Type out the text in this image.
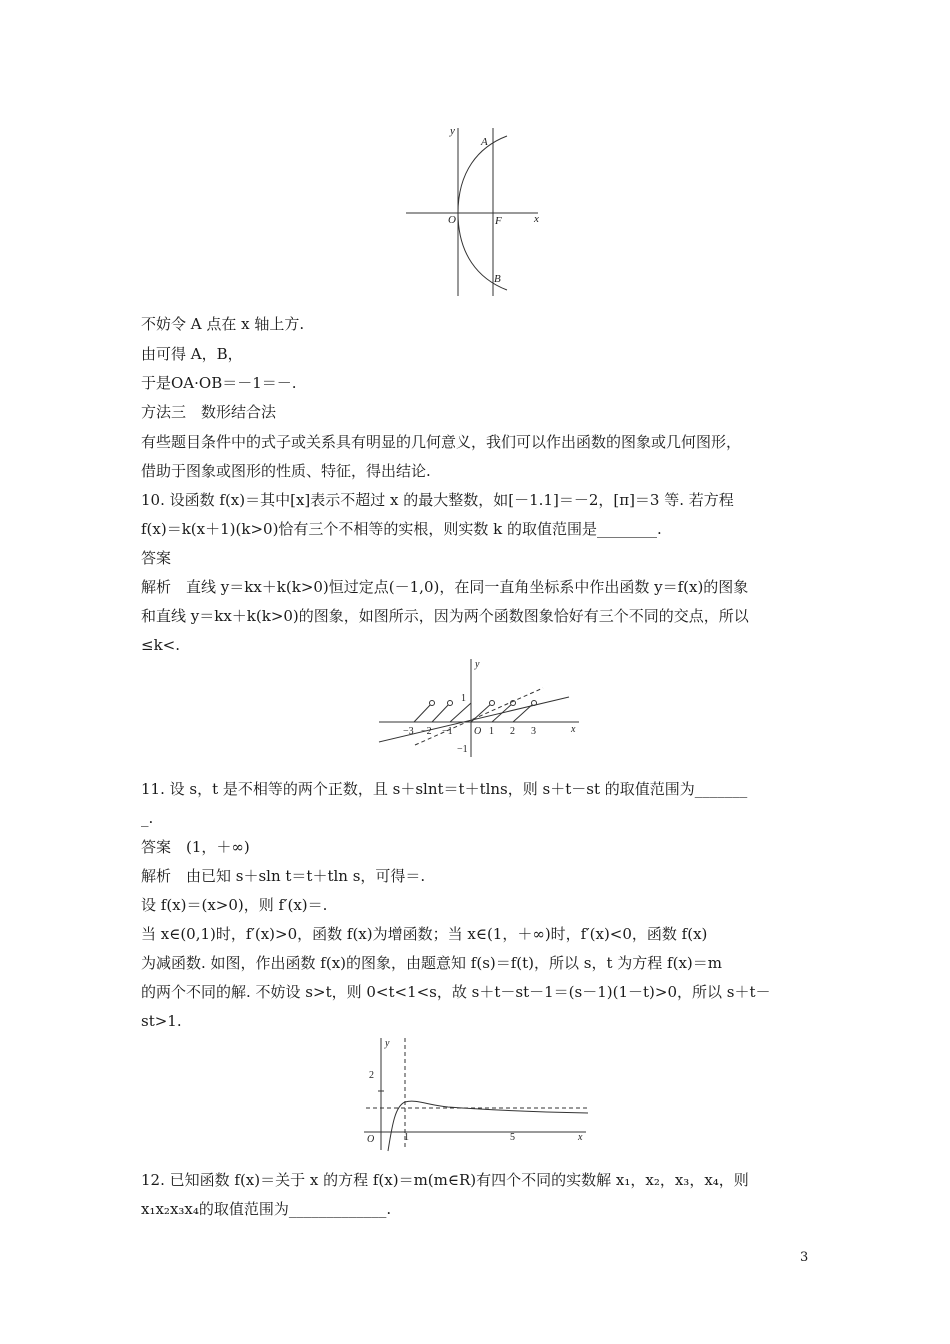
y
A
O	F	x
B
不妨令 A 点在 x 轴上方.
由可得 A，B，
于是OA·OB＝－1＝－.
方法三　数形结合法
有些题目条件中的式子或关系具有明显的几何意义，我们可以作出函数的图象或几何图形，
借助于图象或图形的性质、特征，得出结论.
10. 设函数 f(x)＝其中[x]表示不超过 x 的最大整数，如[－1.1]＝－2，[π]＝3 等. 若方程
f(x)＝k(x＋1)(k>0)恰有三个不相等的实根，则实数 k 的取值范围是________.
答案
解析　直线 y＝kx＋k(k>0)恒过定点(－1,0)，在同一直角坐标系中作出函数 y＝f(x)的图象
和直线 y＝kx＋k(k>0)的图象，如图所示，因为两个函数图象恰好有三个不同的交点，所以
≤k<.
y
1
−3 −2 −1 O 1 2 3	x
−1
11. 设 s，t 是不相等的两个正数，且 s＋slnt＝t＋tlns，则 s＋t－st 的取值范围为_______
_.
答案　(1，＋∞)
解析　由已知 s＋sln t＝t＋tln s，可得＝.
设 f(x)＝(x>0)，则 f′(x)＝.
当 x∈(0,1)时，f′(x)>0，函数 f(x)为增函数；当 x∈(1，＋∞)时，f′(x)<0，函数 f(x)
为减函数. 如图，作出函数 f(x)的图象，由题意知 f(s)＝f(t)，所以 s，t 为方程 f(x)＝m
的两个不同的解. 不妨设 s>t，则 0<t<1<s，故 s＋t－st－1＝(s－1)(1－t)>0，所以 s＋t－
st>1.
y
2
O	1	5	x
12. 已知函数 f(x)＝关于 x 的方程 f(x)＝m(m∈R)有四个不同的实数解 x₁，x₂，x₃，x₄，则
x₁x₂x₃x₄的取值范围为_____________.
3
